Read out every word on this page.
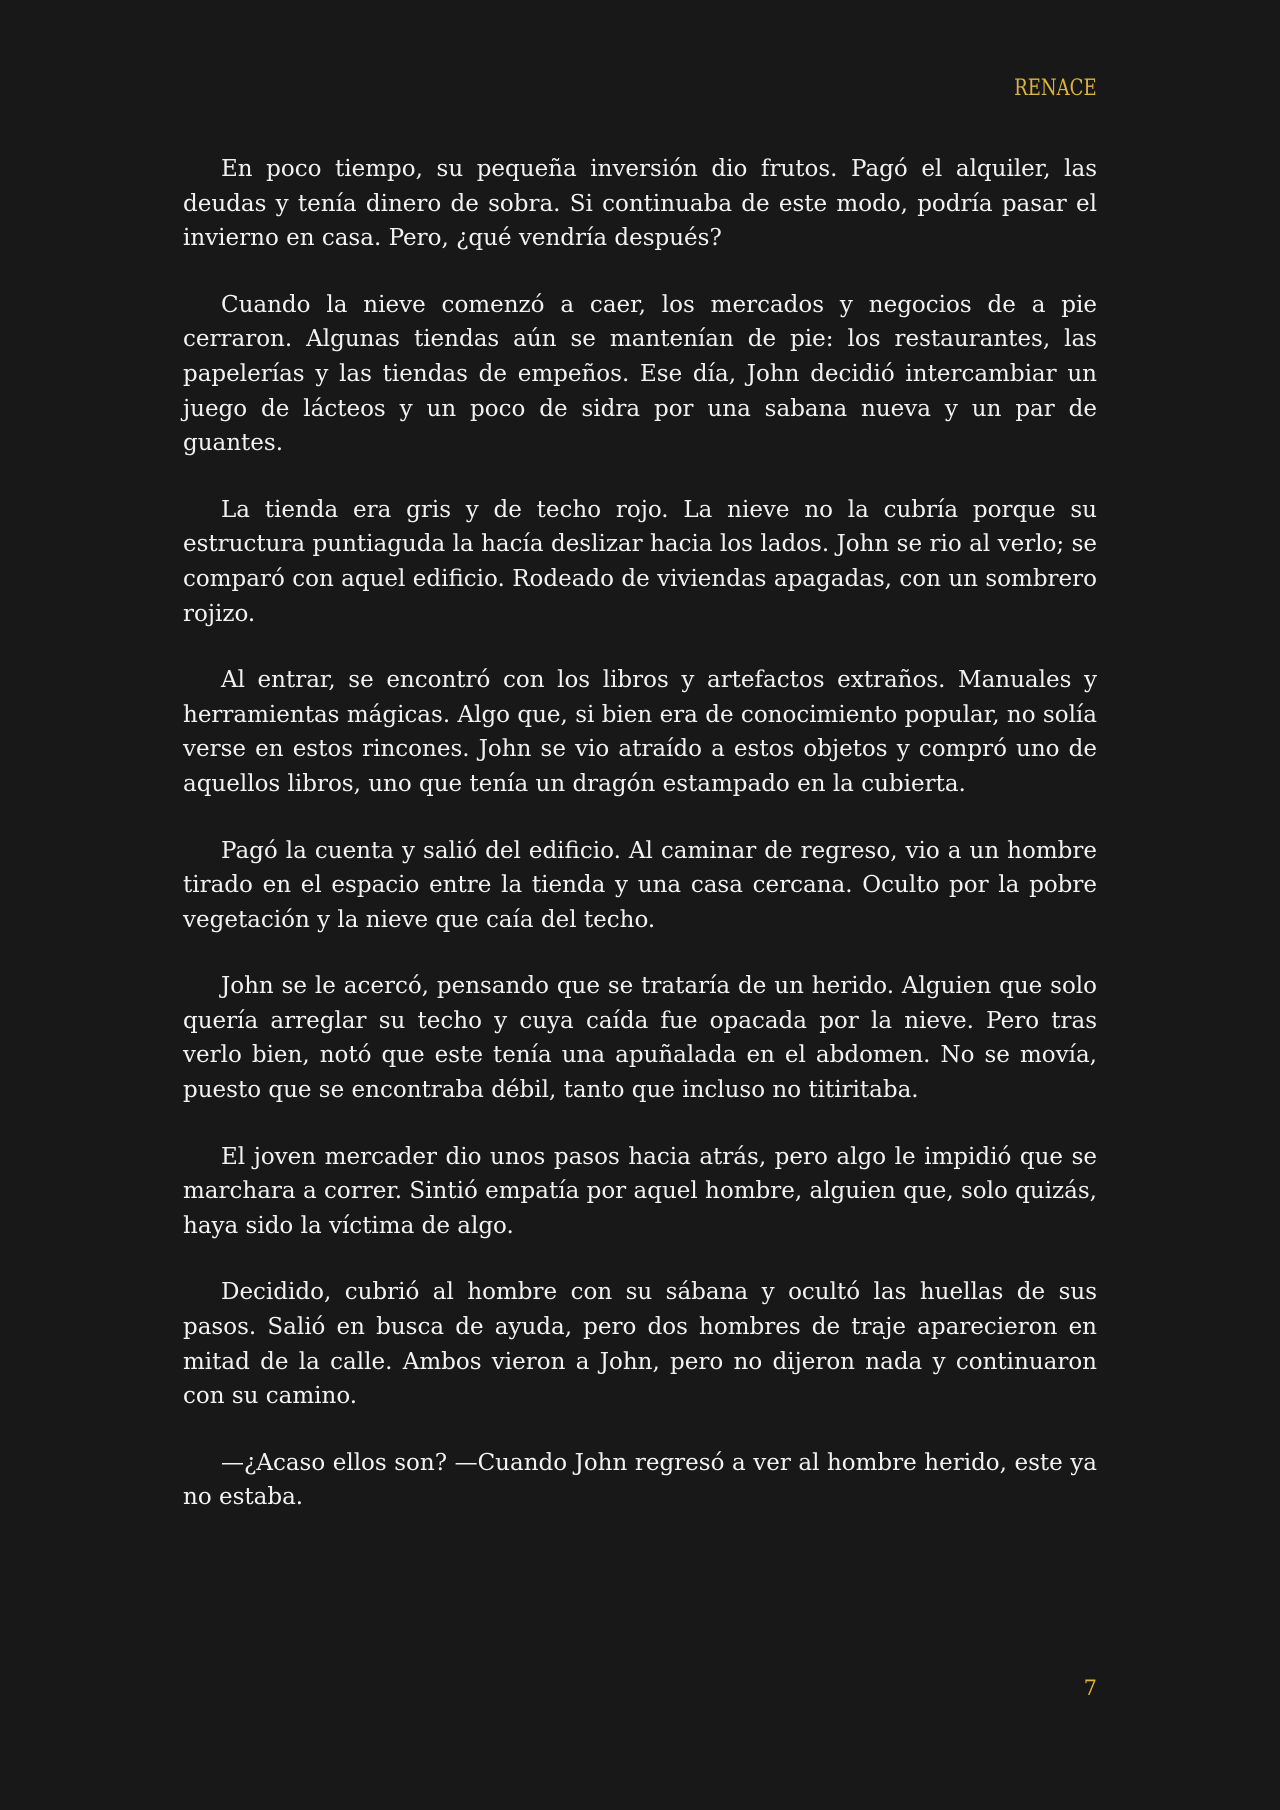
RENACE

En poco tiempo, su pequeña inversión dio frutos. Pagó el alquiler, las deudas y tenía dinero de sobra. Si continuaba de este modo, podría pasar el invierno en casa. Pero, ¿qué vendría después?

Cuando la nieve comenzó a caer, los mercados y negocios de a pie cerraron. Algunas tiendas aún se mantenían de pie: los restaurantes, las papelerías y las tiendas de empeños. Ese día, John decidió intercambiar un juego de lácteos y un poco de sidra por una sabana nueva y un par de guantes.

La tienda era gris y de techo rojo. La nieve no la cubría porque su estructura puntiaguda la hacía deslizar hacia los lados. John se rio al verlo; se comparó con aquel edificio. Rodeado de viviendas apagadas, con un sombrero rojizo.

Al entrar, se encontró con los libros y artefactos extraños. Manuales y herramientas mágicas. Algo que, si bien era de conocimiento popular, no solía verse en estos rincones. John se vio atraído a estos objetos y compró uno de aquellos libros, uno que tenía un dragón estampado en la cubierta.

Pagó la cuenta y salió del edificio. Al caminar de regreso, vio a un hombre tirado en el espacio entre la tienda y una casa cercana. Oculto por la pobre vegetación y la nieve que caía del techo.

John se le acercó, pensando que se trataría de un herido. Alguien que solo quería arreglar su techo y cuya caída fue opacada por la nieve. Pero tras verlo bien, notó que este tenía una apuñalada en el abdomen. No se movía, puesto que se encontraba débil, tanto que incluso no titiritaba.

El joven mercader dio unos pasos hacia atrás, pero algo le impidió que se marchara a correr. Sintió empatía por aquel hombre, alguien que, solo quizás, haya sido la víctima de algo.

Decidido, cubrió al hombre con su sábana y ocultó las huellas de sus pasos. Salió en busca de ayuda, pero dos hombres de traje aparecieron en mitad de la calle. Ambos vieron a John, pero no dijeron nada y continuaron con su camino.

—¿Acaso ellos son? —Cuando John regresó a ver al hombre herido, este ya no estaba.

7
